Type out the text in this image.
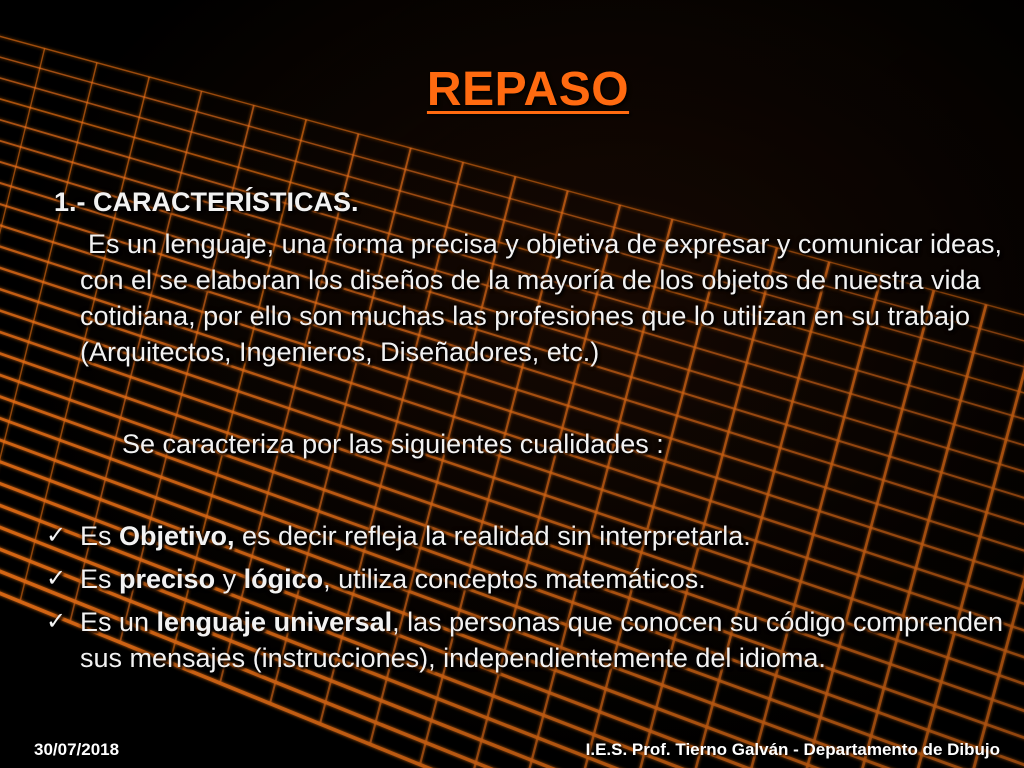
REPASO
1.- CARACTERÍSTICAS.
Es un lenguaje, una forma precisa y objetiva de expresar y comunicar ideas, con el se elaboran los diseños de la mayoría de los objetos de nuestra vida cotidiana, por ello son muchas las profesiones que lo utilizan en su trabajo (Arquitectos, Ingenieros, Diseñadores, etc.)
Se caracteriza por las siguientes cualidades :
✓ Es Objetivo, es decir refleja la realidad sin interpretarla.
✓ Es preciso y lógico, utiliza conceptos matemáticos.
✓ Es un lenguaje universal, las personas que conocen su código comprenden sus mensajes (instrucciones), independientemente del idioma.
30/07/2018	I.E.S. Prof. Tierno Galván - Departamento de Dibujo
